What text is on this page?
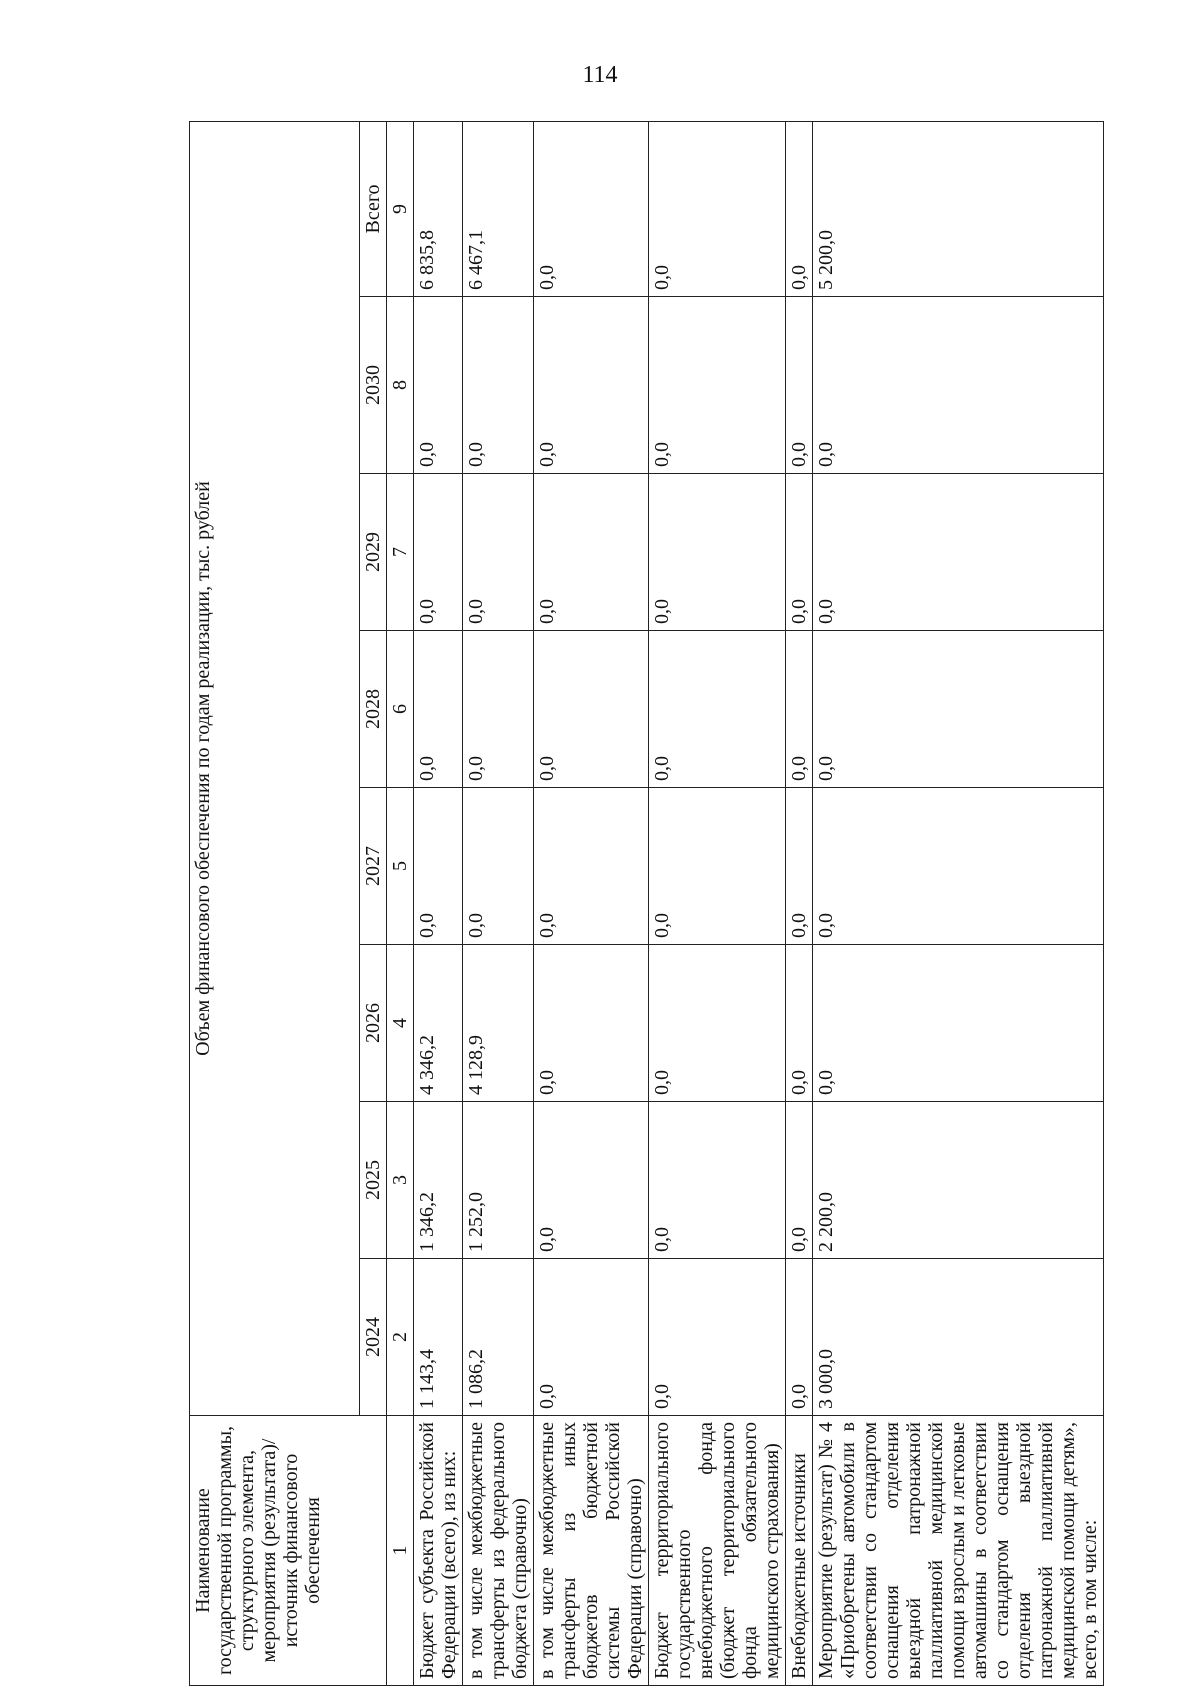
114
Наименование государственной программы, структурного элемента, мероприятия (результата)/источник финансового обеспечения	Объем финансового обеспечения по годам реализации, тыс. рублей							
	2024	2025	2026	2027	2028	2029	2030	Всего
1	2	3	4	5	6	7	8	9
Бюджет субъекта Российской Федерации (всего), из них:	1 143,4	1 346,2	4 346,2	0,0	0,0	0,0	0,0	6 835,8
в том числе межбюджетные трансферты из федерального бюджета (справочно)	1 086,2	1 252,0	4 128,9	0,0	0,0	0,0	0,0	6 467,1
в том числе межбюджетные трансферты из иных бюджетов бюджетной системы Российской Федерации (справочно)	0,0	0,0	0,0	0,0	0,0	0,0	0,0	0,0
Бюджет территориального государственного внебюджетного фонда (бюджет территориального фонда обязательного медицинского страхования)	0,0	0,0	0,0	0,0	0,0	0,0	0,0	0,0
Внебюджетные источники	0,0	0,0	0,0	0,0	0,0	0,0	0,0	0,0
Мероприятие (результат) № 4 «Приобретены автомобили в соответствии со стандартом оснащения отделения выездной патронажной паллиативной медицинской помощи взрослым и легковые автомашины в соответствии со стандартом оснащения отделения выездной патронажной паллиативной медицинской помощи детям», всего, в том числе:	3 000,0	2 200,0	0,0	0,0	0,0	0,0	0,0	5 200,0
